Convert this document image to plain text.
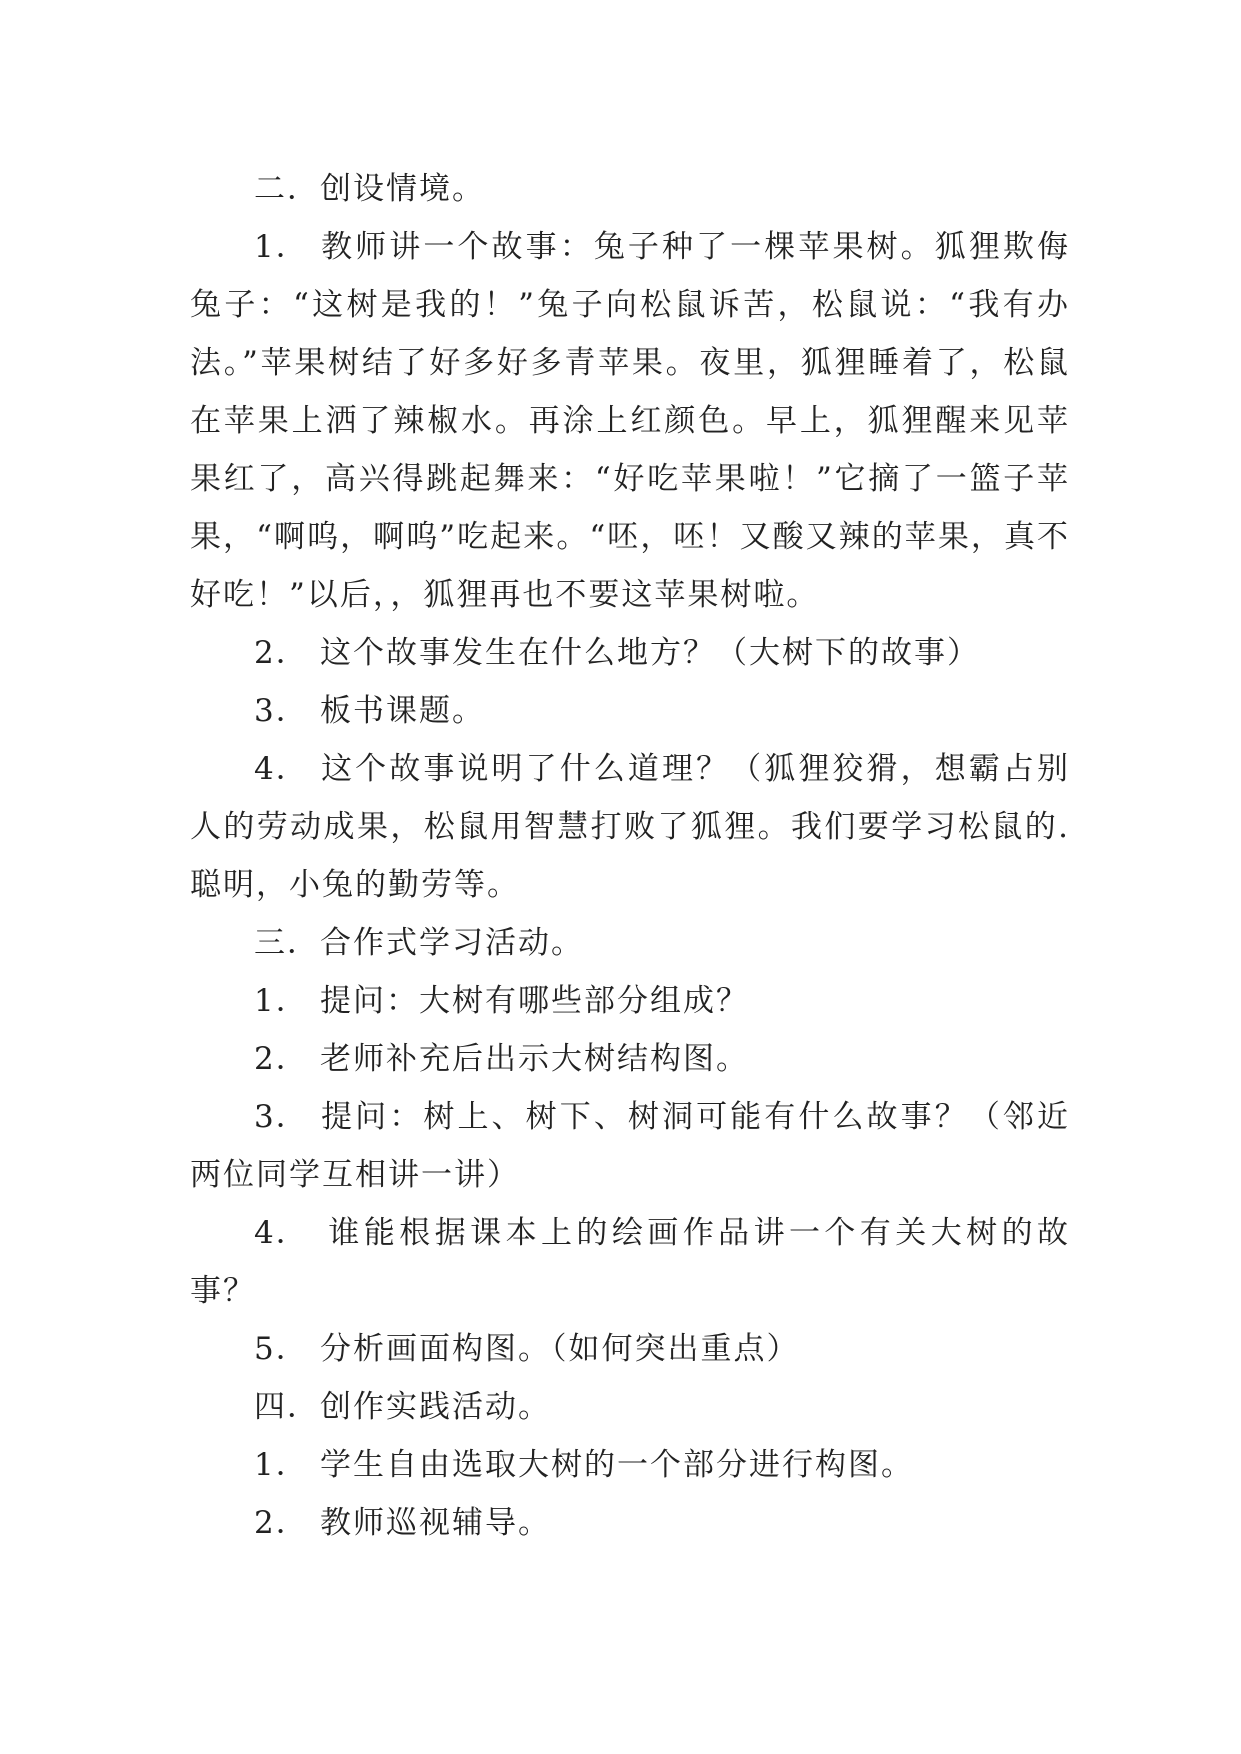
二．创设情境。

1． 教师讲一个故事：兔子种了一棵苹果树。狐狸欺侮兔子：“这树是我的！”兔子向松鼠诉苦，松鼠说：“我有办法。”苹果树结了好多好多青苹果。夜里，狐狸睡着了，松鼠在苹果上洒了辣椒水。再涂上红颜色。早上，狐狸醒来见苹果红了，高兴得跳起舞来：“好吃苹果啦！”它摘了一篮子苹果，“啊呜，啊呜”吃起来。“呸，呸！又酸又辣的苹果，真不好吃！”以后，，狐狸再也不要这苹果树啦。

2． 这个故事发生在什么地方？（大树下的故事）

3． 板书课题。

4． 这个故事说明了什么道理？（狐狸狡猾，想霸占别人的劳动成果，松鼠用智慧打败了狐狸。我们要学习松鼠的.聪明，小兔的勤劳等。

三．合作式学习活动。

1． 提问：大树有哪些部分组成？

2． 老师补充后出示大树结构图。

3． 提问：树上、树下、树洞可能有什么故事？（邻近两位同学互相讲一讲）

4． 谁能根据课本上的绘画作品讲一个有关大树的故事？

5． 分析画面构图。（如何突出重点）

四．创作实践活动。

1． 学生自由选取大树的一个部分进行构图。

2． 教师巡视辅导。
